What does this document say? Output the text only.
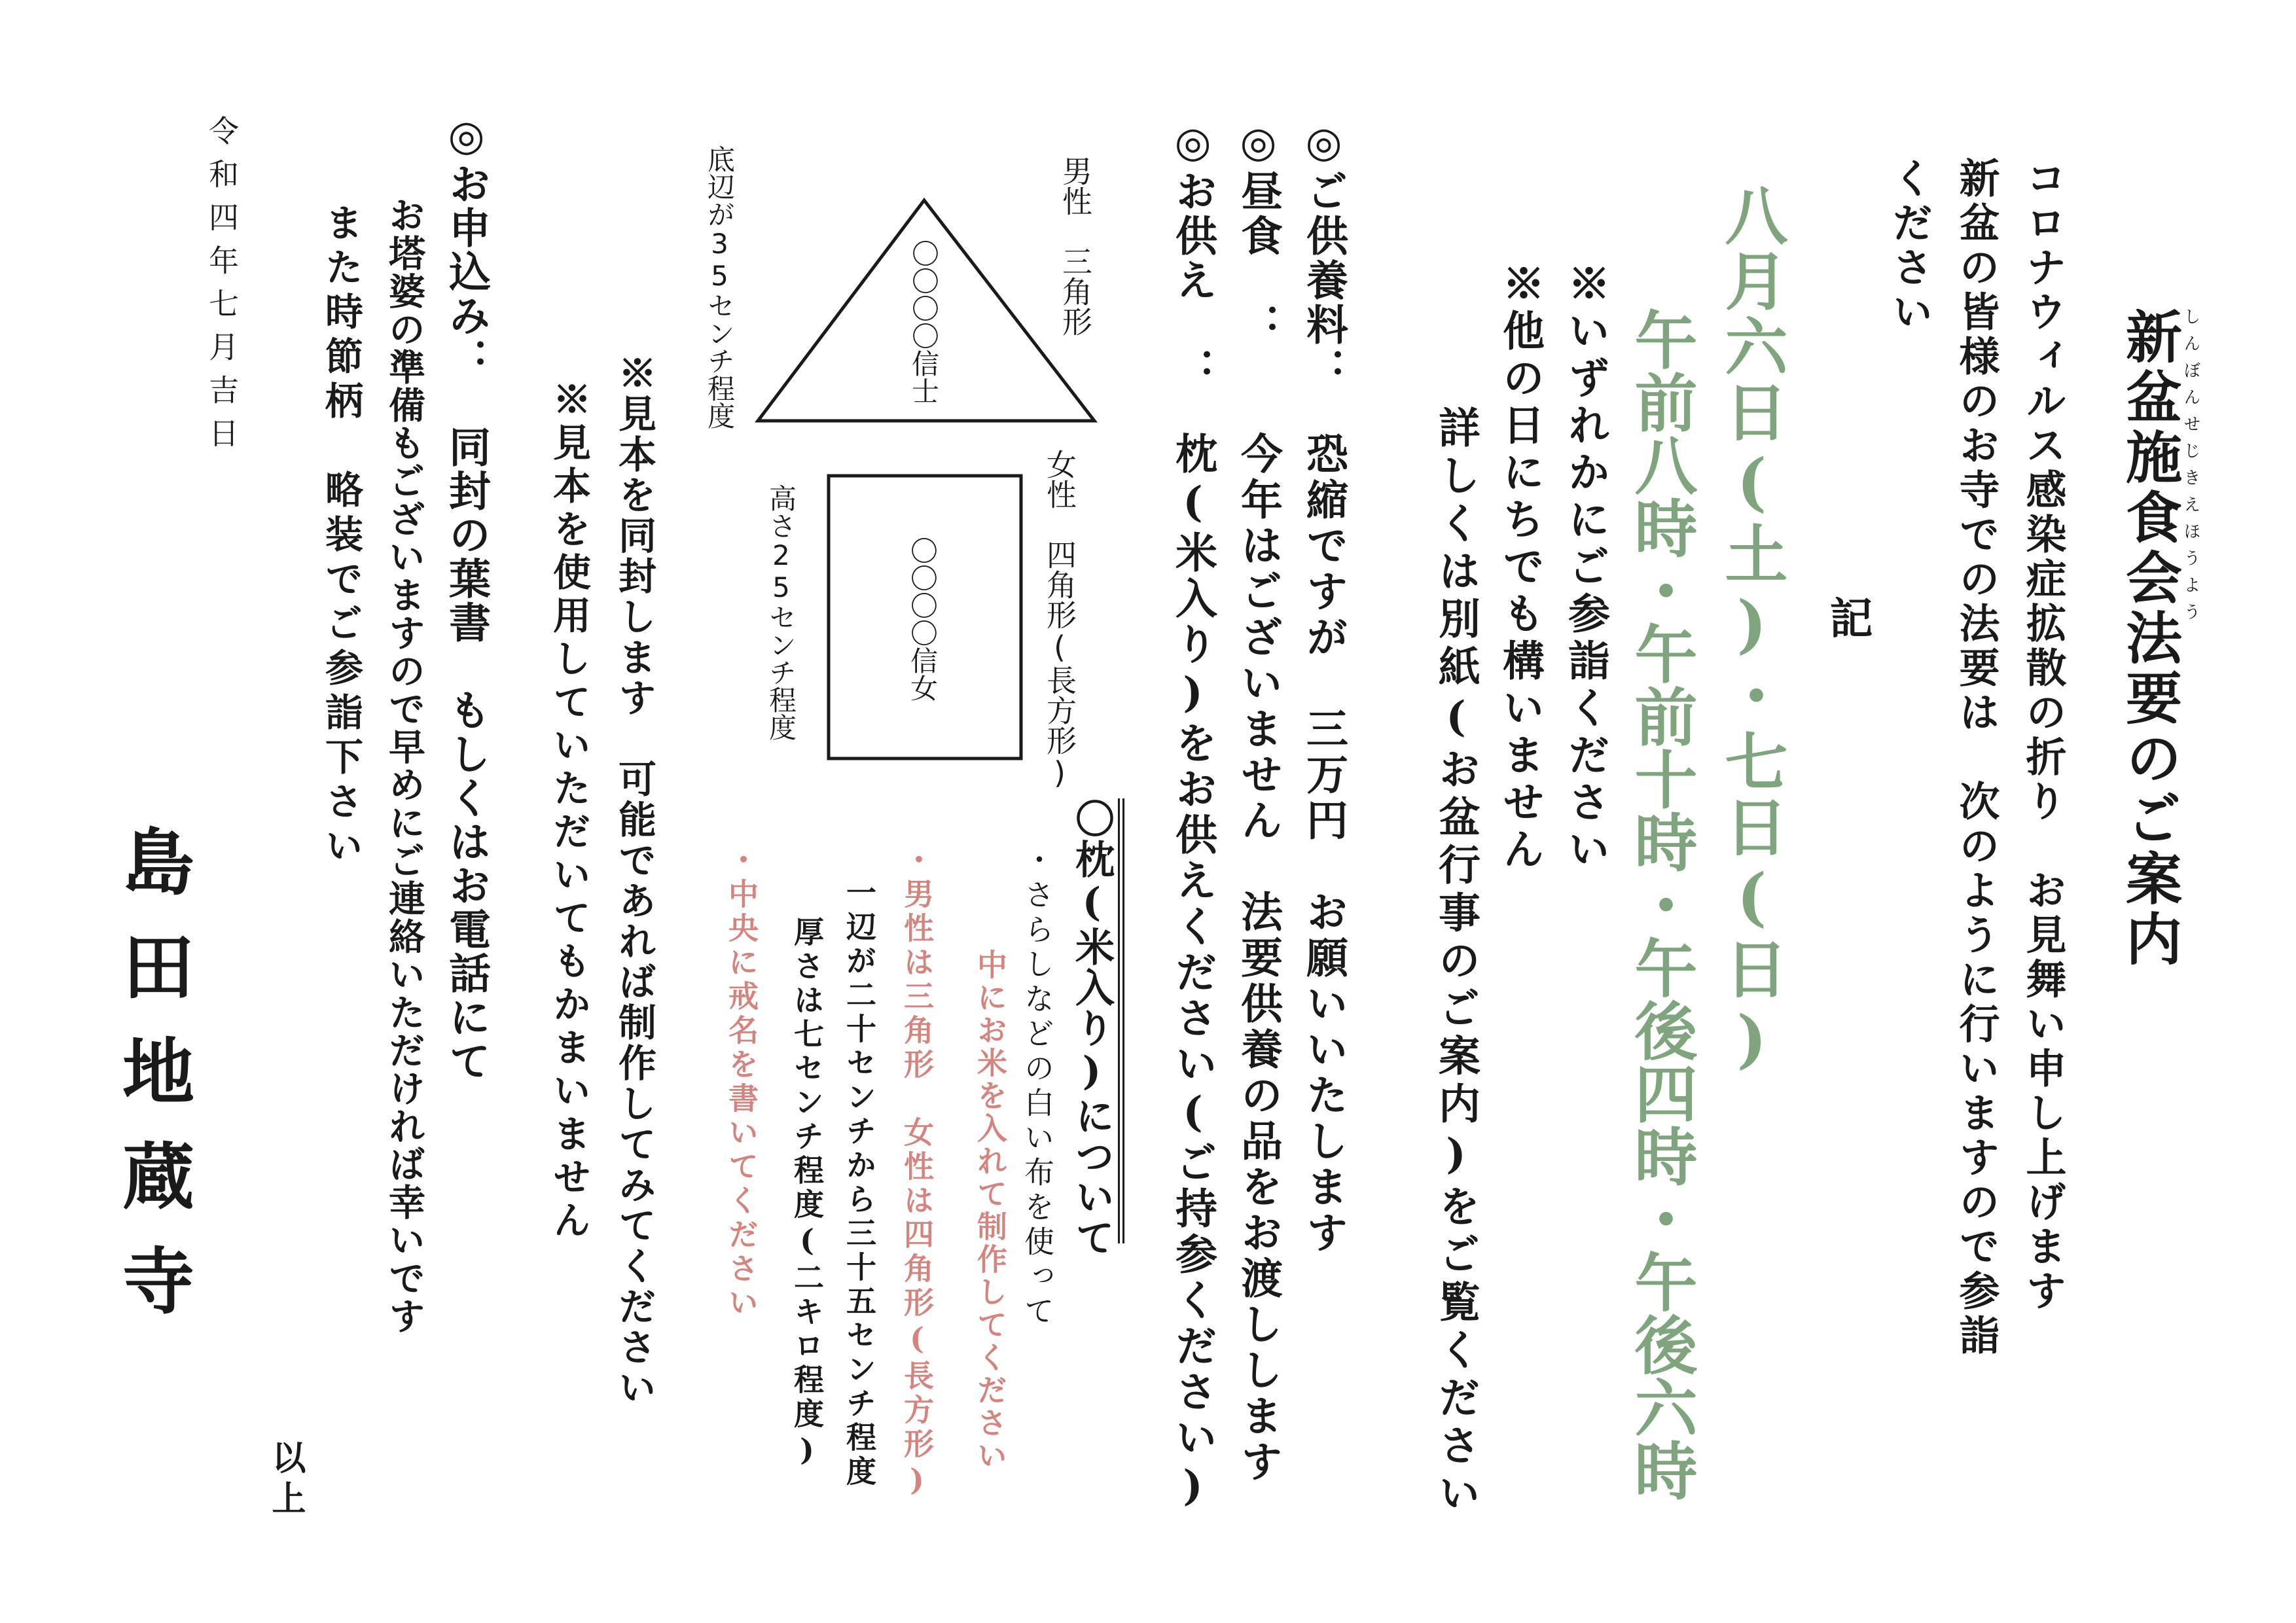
新盆施食会法要のご案内
しんぼんせじきえほうよう
コロナウィルス感染症拡散の折り　お見舞い申し上げます
新盆の皆様のお寺での法要は　次のように行いますので参詣
ください
記
八月六日(土)・七日(日)
午前八時・午前十時・午後四時・午後六時
※いずれかにご参詣ください
※他の日にちでも構いません
詳しくは別紙(お盆行事のご案内)をご覧ください
◎ご供養料：
恐縮ですが　三万円　お願いいたします
◎昼食　：
今年はございません　法要供養の品をお渡しします
◎お供え　：
枕(米入り)をお供えください(ご持参ください)
〇枕(米入り)について
・さらしなどの白い布を使って
中にお米を入れて制作してください
・男性は三角形　女性は四角形(長方形)
一辺が二十センチから三十五センチ程度
厚さは七センチ程度(二キロ程度)
・中央に戒名を書いてください
男性　三角形
〇〇〇〇信士
女性　四角形(長方形)
〇〇〇〇信女
底辺が35センチ程度
高さ25センチ程度
※見本を同封します　可能であれば制作してみてください
※見本を使用していただいてもかまいません
◎お申込み：　同封の葉書　もしくはお電話にて
お塔婆の準備もございますので早めにご連絡いただければ幸いです
また時節柄　略装でご参詣下さい
以上
令和四年七月吉日
島田地蔵寺
